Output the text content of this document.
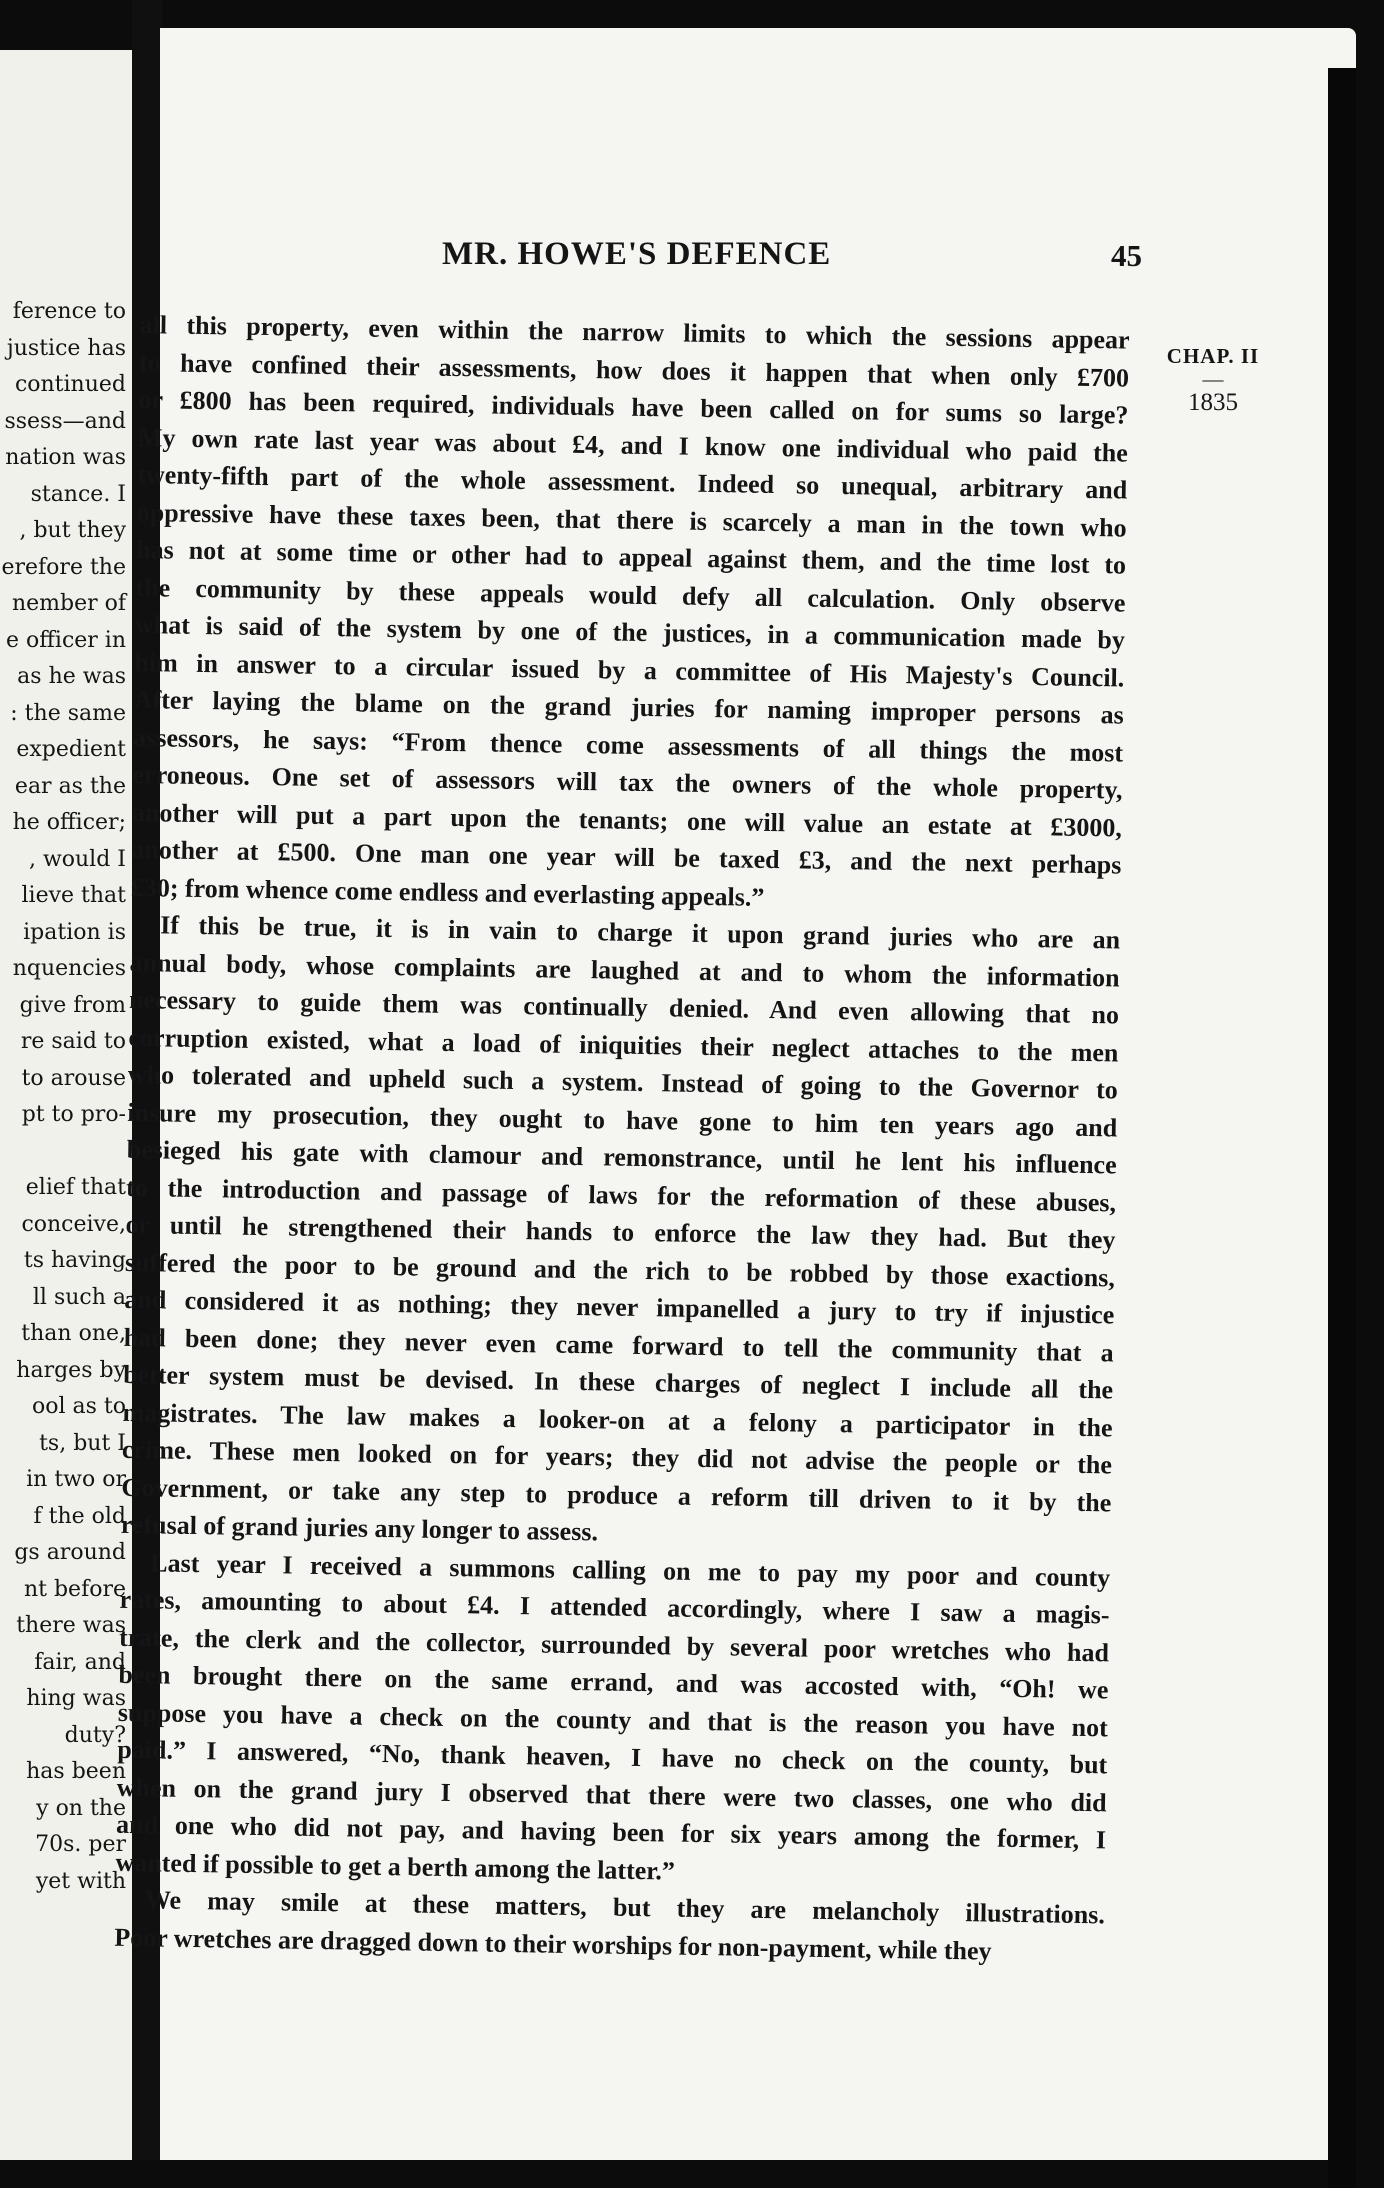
ference to
justice has
continued
ssess—and
nation was
stance. I
, but they
erefore the
nember of
e officer in
as he was
: the same
expedient
ear as the
he officer;
, would I
lieve that
ipation is
nquencies
give from
re said to
to arouse
pt to pro-
elief that
conceive,
ts having
ll such a
than one,
harges by
ool as to
ts, but I
in two or
f the old
gs around
nt before
there was
fair, and
hing was
duty?
has been
y on the
70s. per
yet with
MR. HOWE'S DEFENCE	45
CHAP. II
—
1835

all this property, even within the narrow limits to which the sessions appear
to have confined their assessments, how does it happen that when only £700
or £800 has been required, individuals have been called on for sums so large?
My own rate last year was about £4, and I know one individual who paid the
twenty-fifth part of the whole assessment. Indeed so unequal, arbitrary and
oppressive have these taxes been, that there is scarcely a man in the town who
has not at some time or other had to appeal against them, and the time lost to
the community by these appeals would defy all calculation. Only observe
what is said of the system by one of the justices, in a communication made by
him in answer to a circular issued by a committee of His Majesty's Council.
After laying the blame on the grand juries for naming improper persons as
assessors, he says: “From thence come assessments of all things the most
erroneous. One set of assessors will tax the owners of the whole property,
another will put a part upon the tenants; one will value an estate at £3000,
another at £500. One man one year will be taxed £3, and the next perhaps
£30; from whence come endless and everlasting appeals.”

If this be true, it is in vain to charge it upon grand juries who are an
annual body, whose complaints are laughed at and to whom the information
necessary to guide them was continually denied. And even allowing that no
corruption existed, what a load of iniquities their neglect attaches to the men
who tolerated and upheld such a system. Instead of going to the Governor to
insure my prosecution, they ought to have gone to him ten years ago and
besieged his gate with clamour and remonstrance, until he lent his influence
to the introduction and passage of laws for the reformation of these abuses,
or until he strengthened their hands to enforce the law they had. But they
suffered the poor to be ground and the rich to be robbed by those exactions,
and considered it as nothing; they never impanelled a jury to try if injustice
had been done; they never even came forward to tell the community that a
better system must be devised. In these charges of neglect I include all the
magistrates. The law makes a looker-on at a felony a participator in the
crime. These men looked on for years; they did not advise the people or the
Government, or take any step to produce a reform till driven to it by the
refusal of grand juries any longer to assess.

Last year I received a summons calling on me to pay my poor and county
rates, amounting to about £4. I attended accordingly, where I saw a magis-
trate, the clerk and the collector, surrounded by several poor wretches who had
been brought there on the same errand, and was accosted with, “Oh! we
suppose you have a check on the county and that is the reason you have not
paid.” I answered, “No, thank heaven, I have no check on the county, but
when on the grand jury I observed that there were two classes, one who did
and one who did not pay, and having been for six years among the former, I
wanted if possible to get a berth among the latter.”

We may smile at these matters, but they are melancholy illustrations.
Poor wretches are dragged down to their worships for non-payment, while they
